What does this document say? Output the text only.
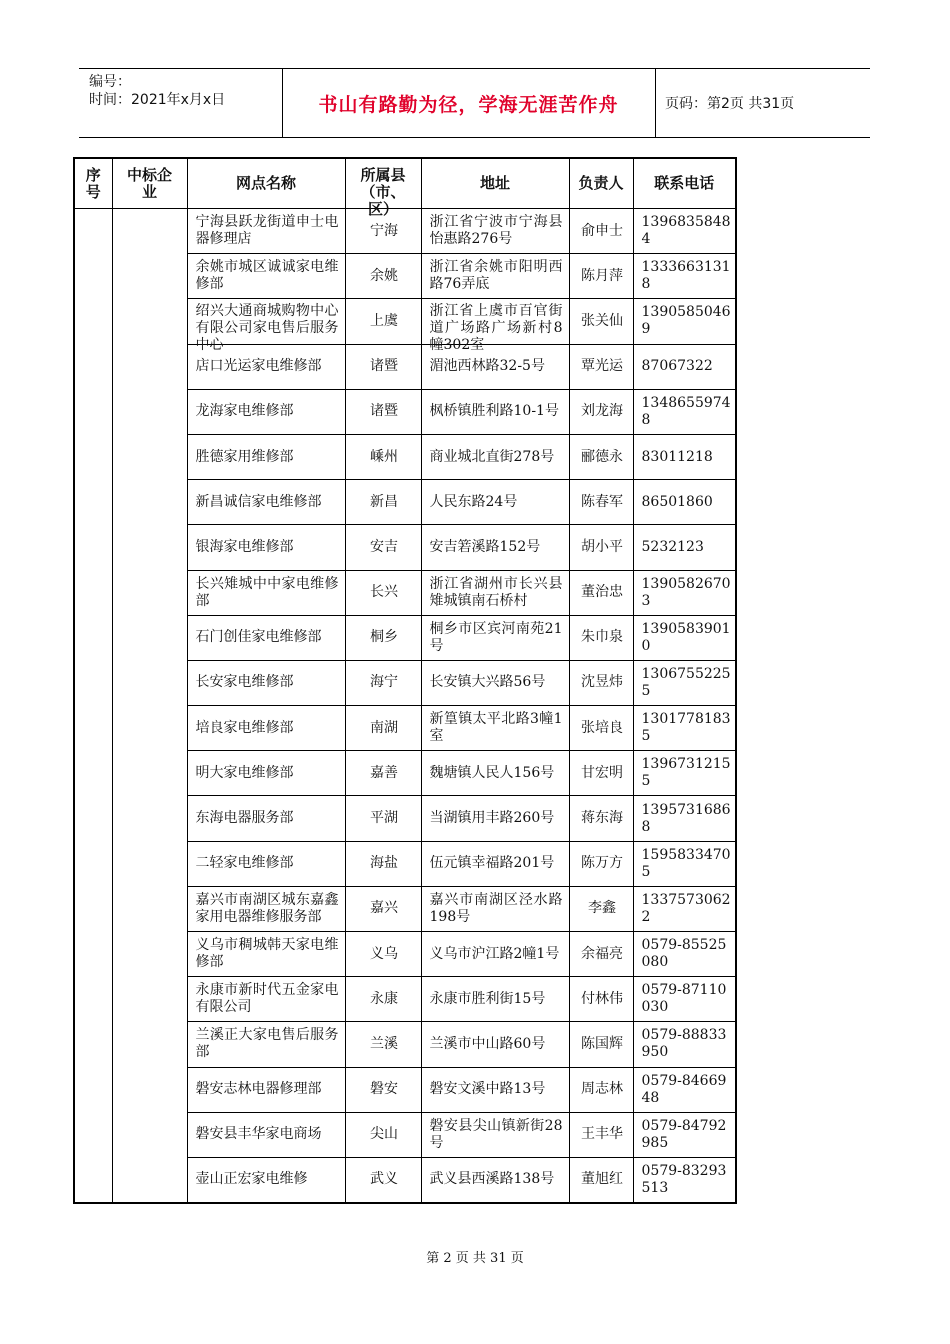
编号：
时间：2021年x月x日	书山有路勤为径，学海无涯苦作舟	页码：第2页 共31页
序号	中标企业	网点名称	所属县（市、区）	地址	负责人	联系电话

		宁海县跃龙街道申士电器修理店	宁海	浙江省宁波市宁海县怡惠路276号	俞申士	13968358484

		余姚市城区诚诚家电维修部	余姚	浙江省余姚市阳明西路76弄底	陈月萍	13336631318

		绍兴大通商城购物中心有限公司家电售后服务中心	上虞	浙江省上虞市百官街道广场路广场新村8幢302室	张关仙	13905850469

		店口光运家电维修部	诸暨	湄池西林路32-5号	覃光运	87067322

		龙海家电维修部	诸暨	枫桥镇胜利路10-1号	刘龙海	13486559748

		胜德家用维修部	嵊州	商业城北直街278号	郦德永	83011218

		新昌诚信家电维修部	新昌	人民东路24号	陈春军	86501860

		银海家电维修部	安吉	安吉箬溪路152号	胡小平	5232123

		长兴雉城中中家电维修部	长兴	浙江省湖州市长兴县雉城镇南石桥村	董治忠	13905826703

		石门创佳家电维修部	桐乡	桐乡市区宾河南苑21号	朱巾泉	13905839010

		长安家电维修部	海宁	长安镇大兴路56号	沈昱炜	13067552255

		培良家电维修部	南湖	新篁镇太平北路3幢1室	张培良	13017781835

		明大家电维修部	嘉善	魏塘镇人民人156号	甘宏明	13967312155

		东海电器服务部	平湖	当湖镇用丰路260号	蒋东海	13957316868

		二轻家电维修部	海盐	伍元镇幸福路201号	陈万方	15958334705

		嘉兴市南湖区城东嘉鑫家用电器维修服务部	嘉兴	嘉兴市南湖区泾水路198号	李鑫	13375730622

		义乌市稠城韩天家电维修部	义乌	义乌市沪江路2幢1号	余福亮	0579-85525080

		永康市新时代五金家电有限公司	永康	永康市胜利街15号	付林伟	0579-87110030

		兰溪正大家电售后服务部	兰溪	兰溪市中山路60号	陈国辉	0579-88833950

		磐安志林电器修理部	磐安	磐安文溪中路13号	周志林	0579-8466948

		磐安县丰华家电商场	尖山	磐安县尖山镇新街28号	王丰华	0579-84792985

		壶山正宏家电维修	武义	武义县西溪路138号	董旭红	0579-83293513
第 2 页 共 31 页
